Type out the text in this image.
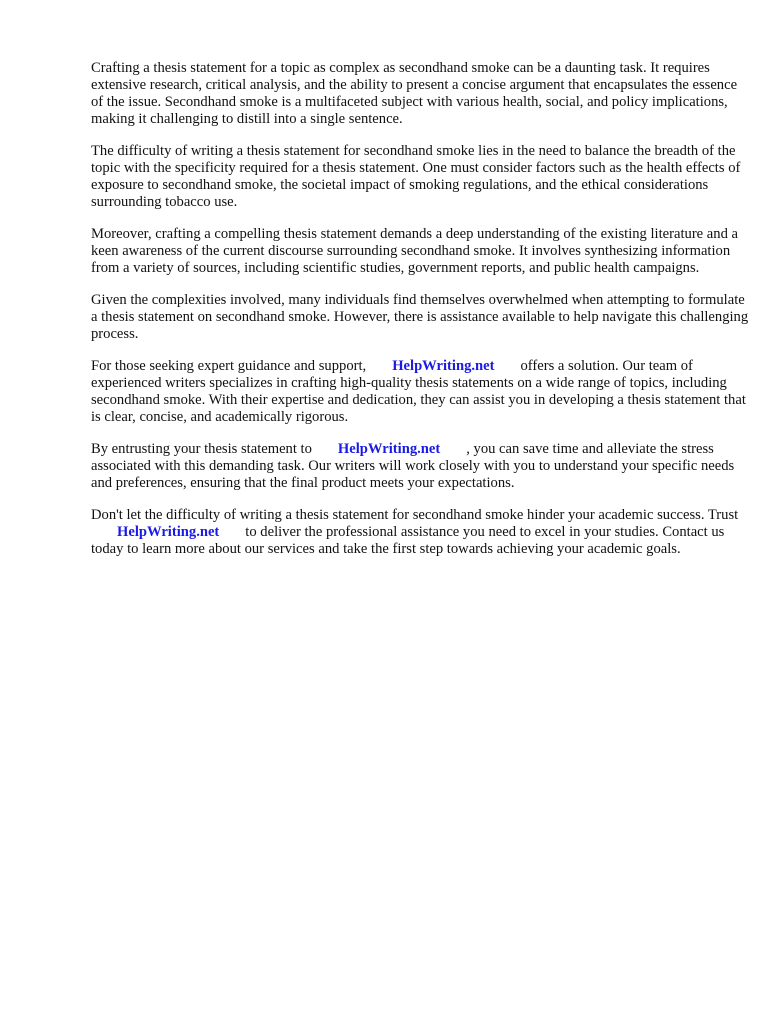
Crafting a thesis statement for a topic as complex as secondhand smoke can be a daunting task. It requires extensive research, critical analysis, and the ability to present a concise argument that encapsulates the essence of the issue. Secondhand smoke is a multifaceted subject with various health, social, and policy implications, making it challenging to distill into a single sentence.

The difficulty of writing a thesis statement for secondhand smoke lies in the need to balance the breadth of the topic with the specificity required for a thesis statement. One must consider factors such as the health effects of exposure to secondhand smoke, the societal impact of smoking regulations, and the ethical considerations surrounding tobacco use.

Moreover, crafting a compelling thesis statement demands a deep understanding of the existing literature and a keen awareness of the current discourse surrounding secondhand smoke. It involves synthesizing information from a variety of sources, including scientific studies, government reports, and public health campaigns.

Given the complexities involved, many individuals find themselves overwhelmed when attempting to formulate a thesis statement on secondhand smoke. However, there is assistance available to help navigate this challenging process.

For those seeking expert guidance and support, HelpWriting.net offers a solution. Our team of experienced writers specializes in crafting high-quality thesis statements on a wide range of topics, including secondhand smoke. With their expertise and dedication, they can assist you in developing a thesis statement that is clear, concise, and academically rigorous.

By entrusting your thesis statement to HelpWriting.net , you can save time and alleviate the stress associated with this demanding task. Our writers will work closely with you to understand your specific needs and preferences, ensuring that the final product meets your expectations.

Don't let the difficulty of writing a thesis statement for secondhand smoke hinder your academic success. TrustHelpWriting.net to deliver the professional assistance you need to excel in your studies. Contact us today to learn more about our services and take the first step towards achieving your academic goals.
